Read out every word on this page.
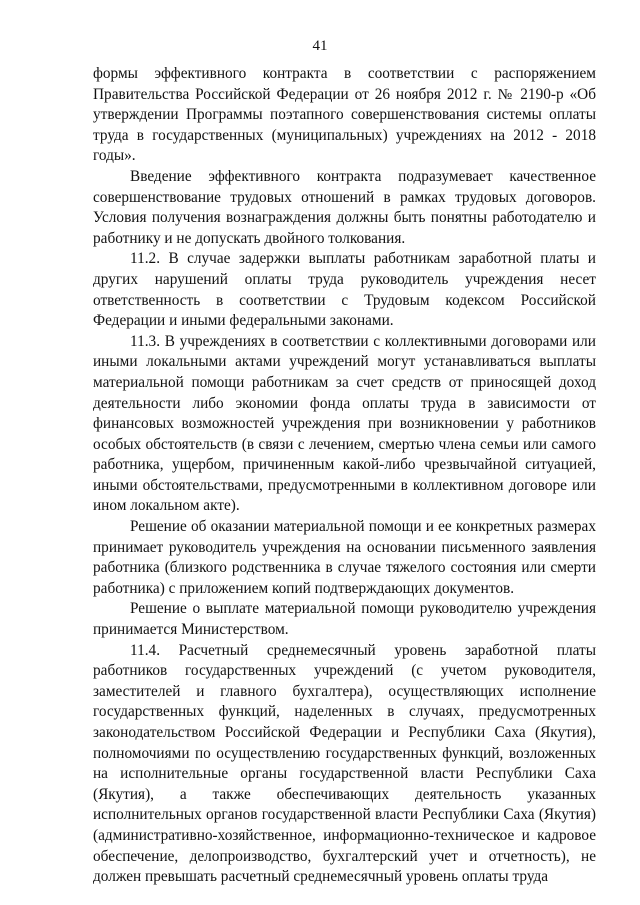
41

формы эффективного контракта в соответствии с распоряжением Правительства Российской Федерации от 26 ноября 2012 г. № 2190-р «Об утверждении Программы поэтапного совершенствования системы оплаты труда в государственных (муниципальных) учреждениях на 2012 - 2018 годы».

Введение эффективного контракта подразумевает качественное совершенствование трудовых отношений в рамках трудовых договоров. Условия получения вознаграждения должны быть понятны работодателю и работнику и не допускать двойного толкования.

11.2. В случае задержки выплаты работникам заработной платы и других нарушений оплаты труда руководитель учреждения несет ответственность в соответствии с Трудовым кодексом Российской Федерации и иными федеральными законами.

11.3. В учреждениях в соответствии с коллективными договорами или иными локальными актами учреждений могут устанавливаться выплаты материальной помощи работникам за счет средств от приносящей доход деятельности либо экономии фонда оплаты труда в зависимости от финансовых возможностей учреждения при возникновении у работников особых обстоятельств (в связи с лечением, смертью члена семьи или самого работника, ущербом, причиненным какой-либо чрезвычайной ситуацией, иными обстоятельствами, предусмотренными в коллективном договоре или ином локальном акте).

Решение об оказании материальной помощи и ее конкретных размерах принимает руководитель учреждения на основании письменного заявления работника (близкого родственника в случае тяжелого состояния или смерти работника) с приложением копий подтверждающих документов.

Решение о выплате материальной помощи руководителю учреждения принимается Министерством.

11.4. Расчетный среднемесячный уровень заработной платы работников государственных учреждений (с учетом руководителя, заместителей и главного бухгалтера), осуществляющих исполнение государственных функций, наделенных в случаях, предусмотренных законодательством Российской Федерации и Республики Саха (Якутия), полномочиями по осуществлению государственных функций, возложенных на исполнительные органы государственной власти Республики Саха (Якутия), а также обеспечивающих деятельность указанных исполнительных органов государственной власти Республики Саха (Якутия) (административно-хозяйственное, информационно-техническое и кадровое обеспечение, делопроизводство, бухгалтерский учет и отчетность), не должен превышать расчетный среднемесячный уровень оплаты труда
